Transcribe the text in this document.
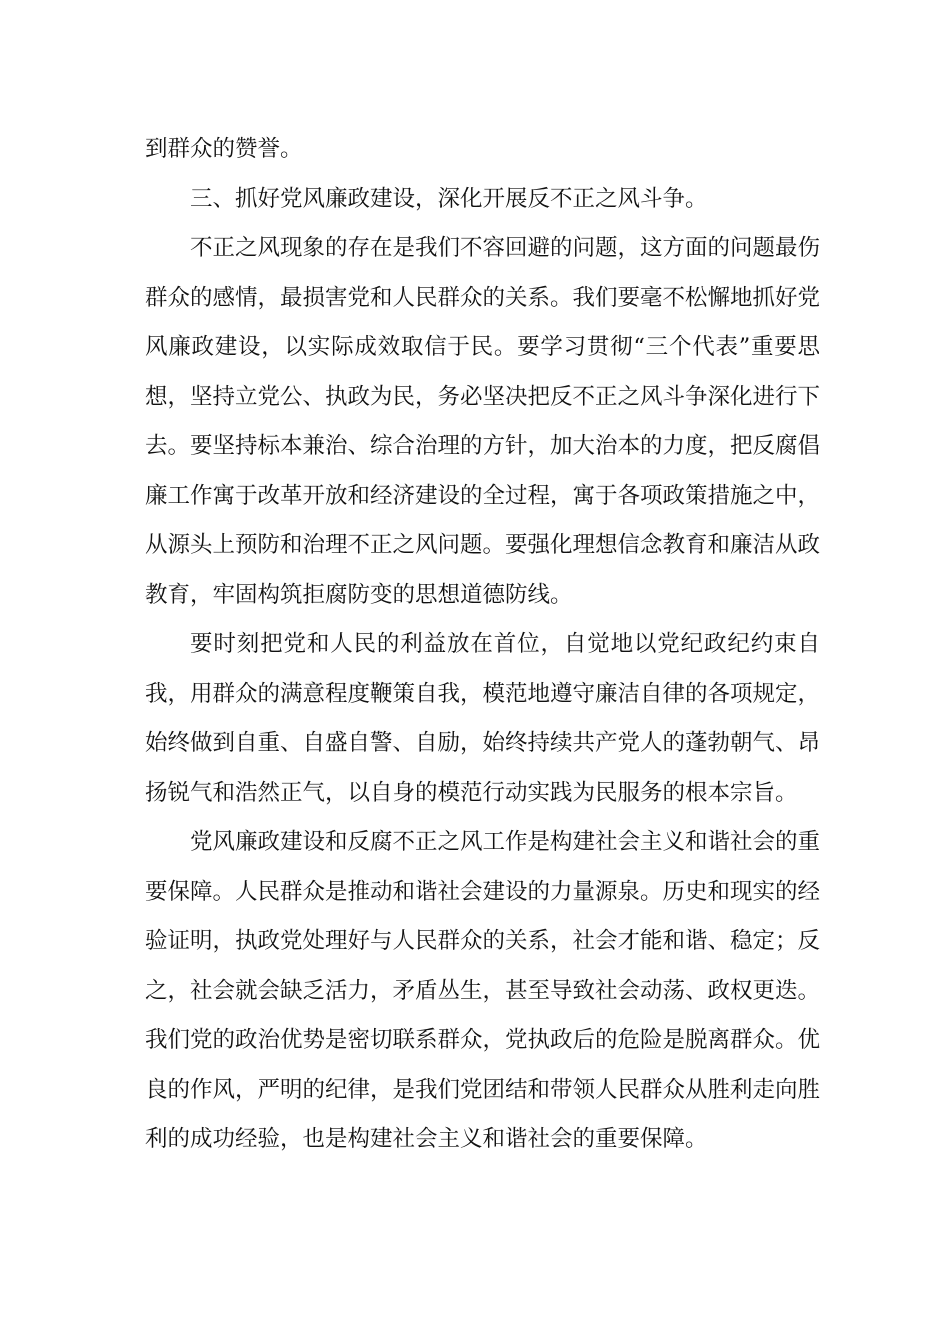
到群众的赞誉。

三、抓好党风廉政建设，深化开展反不正之风斗争。

不正之风现象的存在是我们不容回避的问题，这方面的问题最伤群众的感情，最损害党和人民群众的关系。我们要毫不松懈地抓好党风廉政建设，以实际成效取信于民。要学习贯彻“三个代表”重要思想，坚持立党公、执政为民，务必坚决把反不正之风斗争深化进行下去。要坚持标本兼治、综合治理的方针，加大治本的力度，把反腐倡廉工作寓于改革开放和经济建设的全过程，寓于各项政策措施之中，从源头上预防和治理不正之风问题。要强化理想信念教育和廉洁从政教育，牢固构筑拒腐防变的思想道德防线。

要时刻把党和人民的利益放在首位，自觉地以党纪政纪约束自我，用群众的满意程度鞭策自我，模范地遵守廉洁自律的各项规定，始终做到自重、自盛自警、自励，始终持续共产党人的蓬勃朝气、昂扬锐气和浩然正气，以自身的模范行动实践为民服务的根本宗旨。

党风廉政建设和反腐不正之风工作是构建社会主义和谐社会的重要保障。人民群众是推动和谐社会建设的力量源泉。历史和现实的经验证明，执政党处理好与人民群众的关系，社会才能和谐、稳定；反之，社会就会缺乏活力，矛盾丛生，甚至导致社会动荡、政权更迭。我们党的政治优势是密切联系群众，党执政后的危险是脱离群众。优良的作风，严明的纪律，是我们党团结和带领人民群众从胜利走向胜利的成功经验，也是构建社会主义和谐社会的重要保障。
